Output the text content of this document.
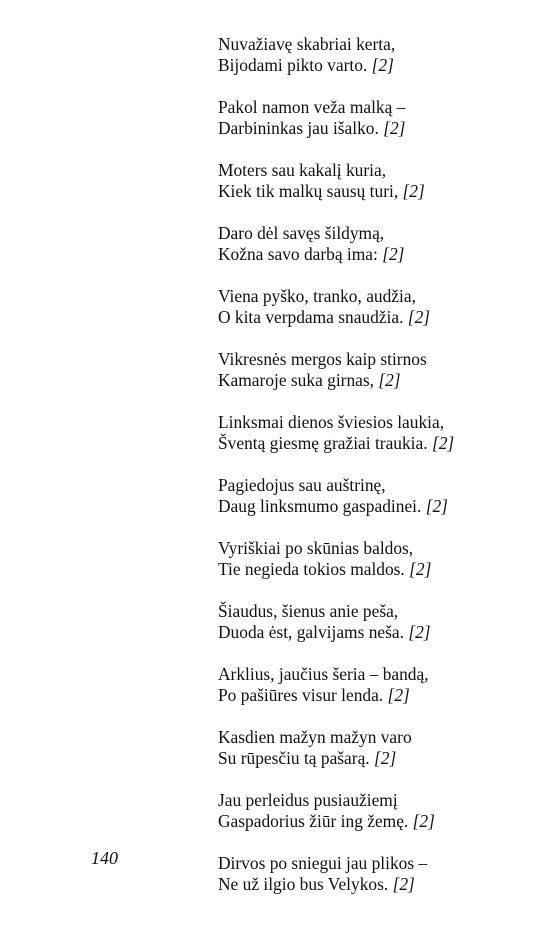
Nuvažiavę skabriai kerta,
Bijodami pikto varto. [2]
Pakol namon veža malką –
Darbininkas jau išalko. [2]
Moters sau kakalį kuria,
Kiek tik malkų sausų turi, [2]
Daro dėl savęs šildymą,
Kožna savo darbą ima: [2]
Viena pyško, tranko, audžia,
O kita verpdama snaudžia. [2]
Vikresnės mergos kaip stirnos
Kamaroje suka girnas, [2]
Linksmai dienos šviesios laukia,
Šventą giesmę gražiai traukia. [2]
Pagiedojus sau auštrinę,
Daug linksmumo gaspadinei. [2]
Vyriškiai po skūnias baldos,
Tie negieda tokios maldos. [2]
Šiaudus, šienus anie peša,
Duoda ėst, galvijams neša. [2]
Arklius, jaučius šeria – bandą,
Po pašiūres visur lenda. [2]
Kasdien mažyn mažyn varo
Su rūpesčiu tą pašarą. [2]
Jau perleidus pusiaužiemį
Gaspadorius žiūr ing žemę. [2]
Dirvos po sniegui jau plikos –
Ne už ilgio bus Velykos. [2]
140
